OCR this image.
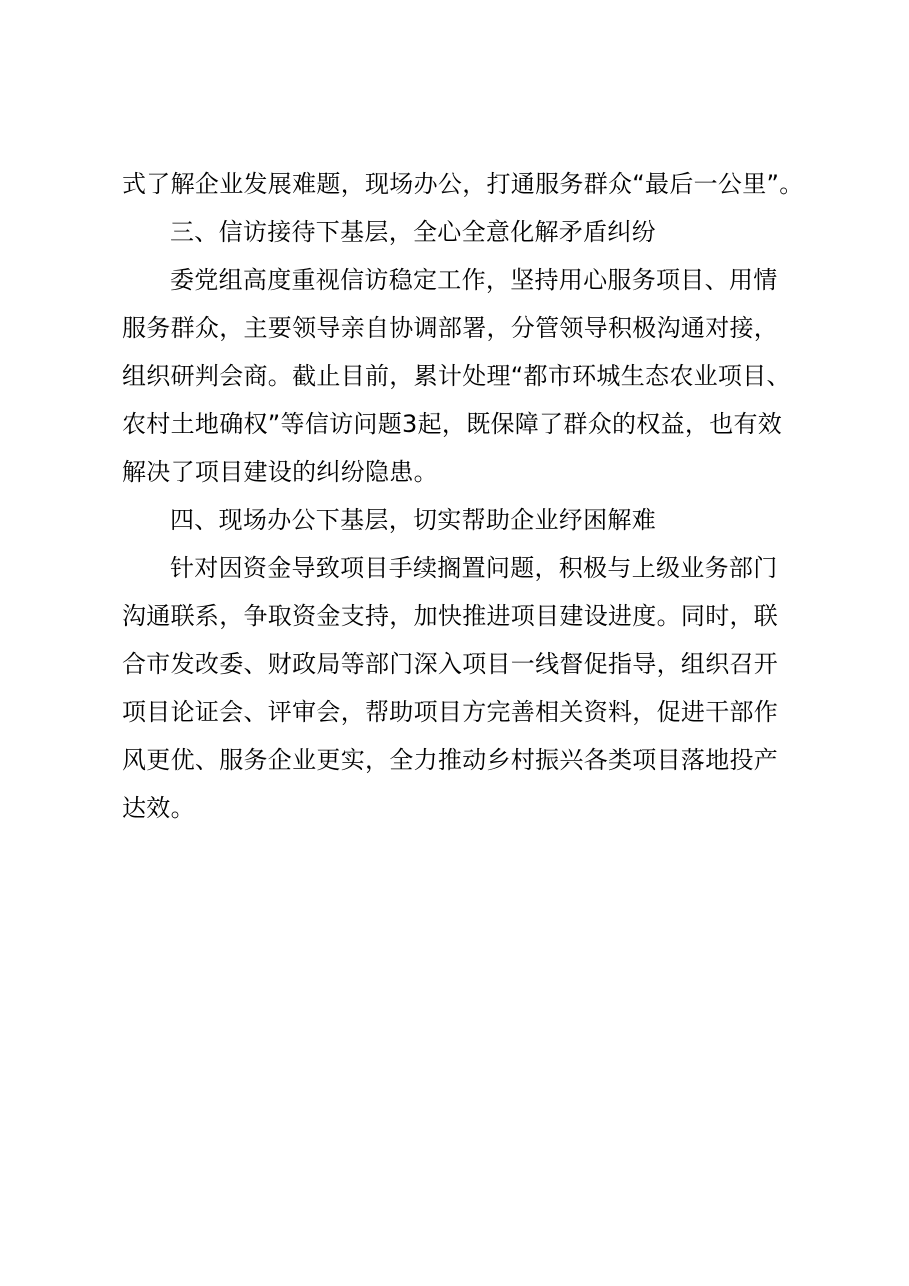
式了解企业发展难题，现场办公，打通服务群众“最后一公里”。
三、信访接待下基层，全心全意化解矛盾纠纷
委党组高度重视信访稳定工作，坚持用心服务项目、用情
服务群众，主要领导亲自协调部署，分管领导积极沟通对接，
组织研判会商。截止目前，累计处理“都市环城生态农业项目、
农村土地确权”等信访问题3起，既保障了群众的权益，也有效
解决了项目建设的纠纷隐患。
四、现场办公下基层，切实帮助企业纾困解难
针对因资金导致项目手续搁置问题，积极与上级业务部门
沟通联系，争取资金支持，加快推进项目建设进度。同时，联
合市发改委、财政局等部门深入项目一线督促指导，组织召开
项目论证会、评审会，帮助项目方完善相关资料，促进干部作
风更优、服务企业更实，全力推动乡村振兴各类项目落地投产
达效。
